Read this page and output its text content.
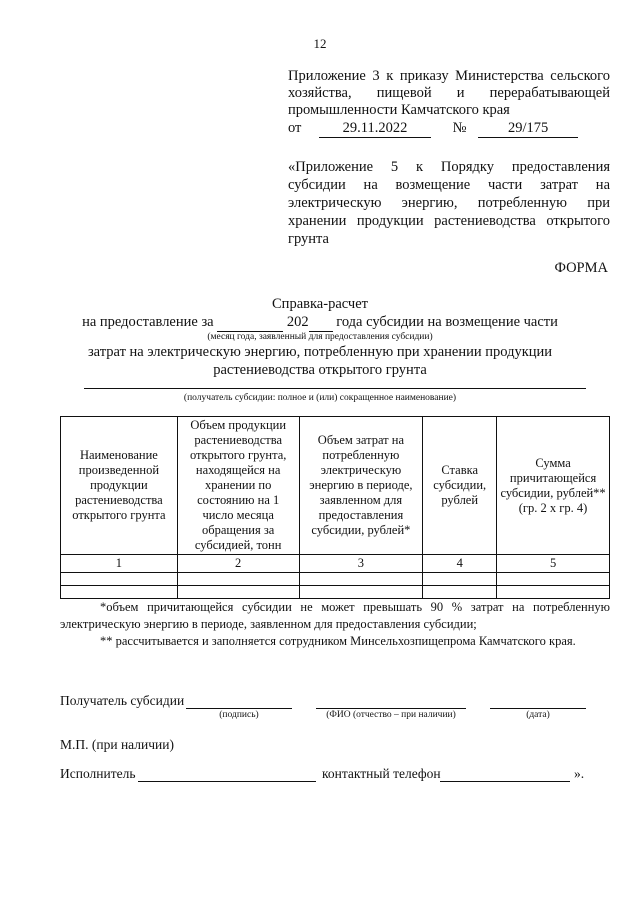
12

Приложение 3 к приказу Министерства сельского хозяйства, пищевой и перерабатывающей промышленности Камчатского края

от	29.11.2022	№	29/175
«Приложение 5 к Порядку предоставления субсидии на возмещение части затрат на электрическую энергию, потребленную при хранении продукции растениеводства открытого грунта
ФОРМА
Справка-расчет
на предоставление за	202 года субсидии на возмещение части
(месяц года, заявленный для предоставления субсидии)
затрат на электрическую энергию, потребленную при хранении продукции
растениеводства открытого грунта
(получатель субсидии: полное и (или) сокращенное наименование)
Наименование произведенной продукции растениеводства открытого грунта	Объем продукции растениеводства открытого грунта, находящейся на хранении по состоянию на 1 число месяца обращения за субсидией, тонн	Объем затрат на потребленную электрическую энергию в периоде, заявленном для предоставления субсидии, рублей*	Ставка субсидии, рублей	Сумма причитающейся субсидии, рублей** (гр. 2 х гр. 4)
1	2	3	4	5

*объем причитающейся субсидии не может превышать 90 % затрат на потребленную электрическую энергию в периоде, заявленном для предоставления субсидии;
** рассчитывается и заполняется сотрудником Минсельхозпищепрома Камчатского края.
Получатель субсидии
(подпись)	(ФИО (отчество – при наличии)	(дата)
М.П. (при наличии)
Исполнитель	контактный телефон	».
